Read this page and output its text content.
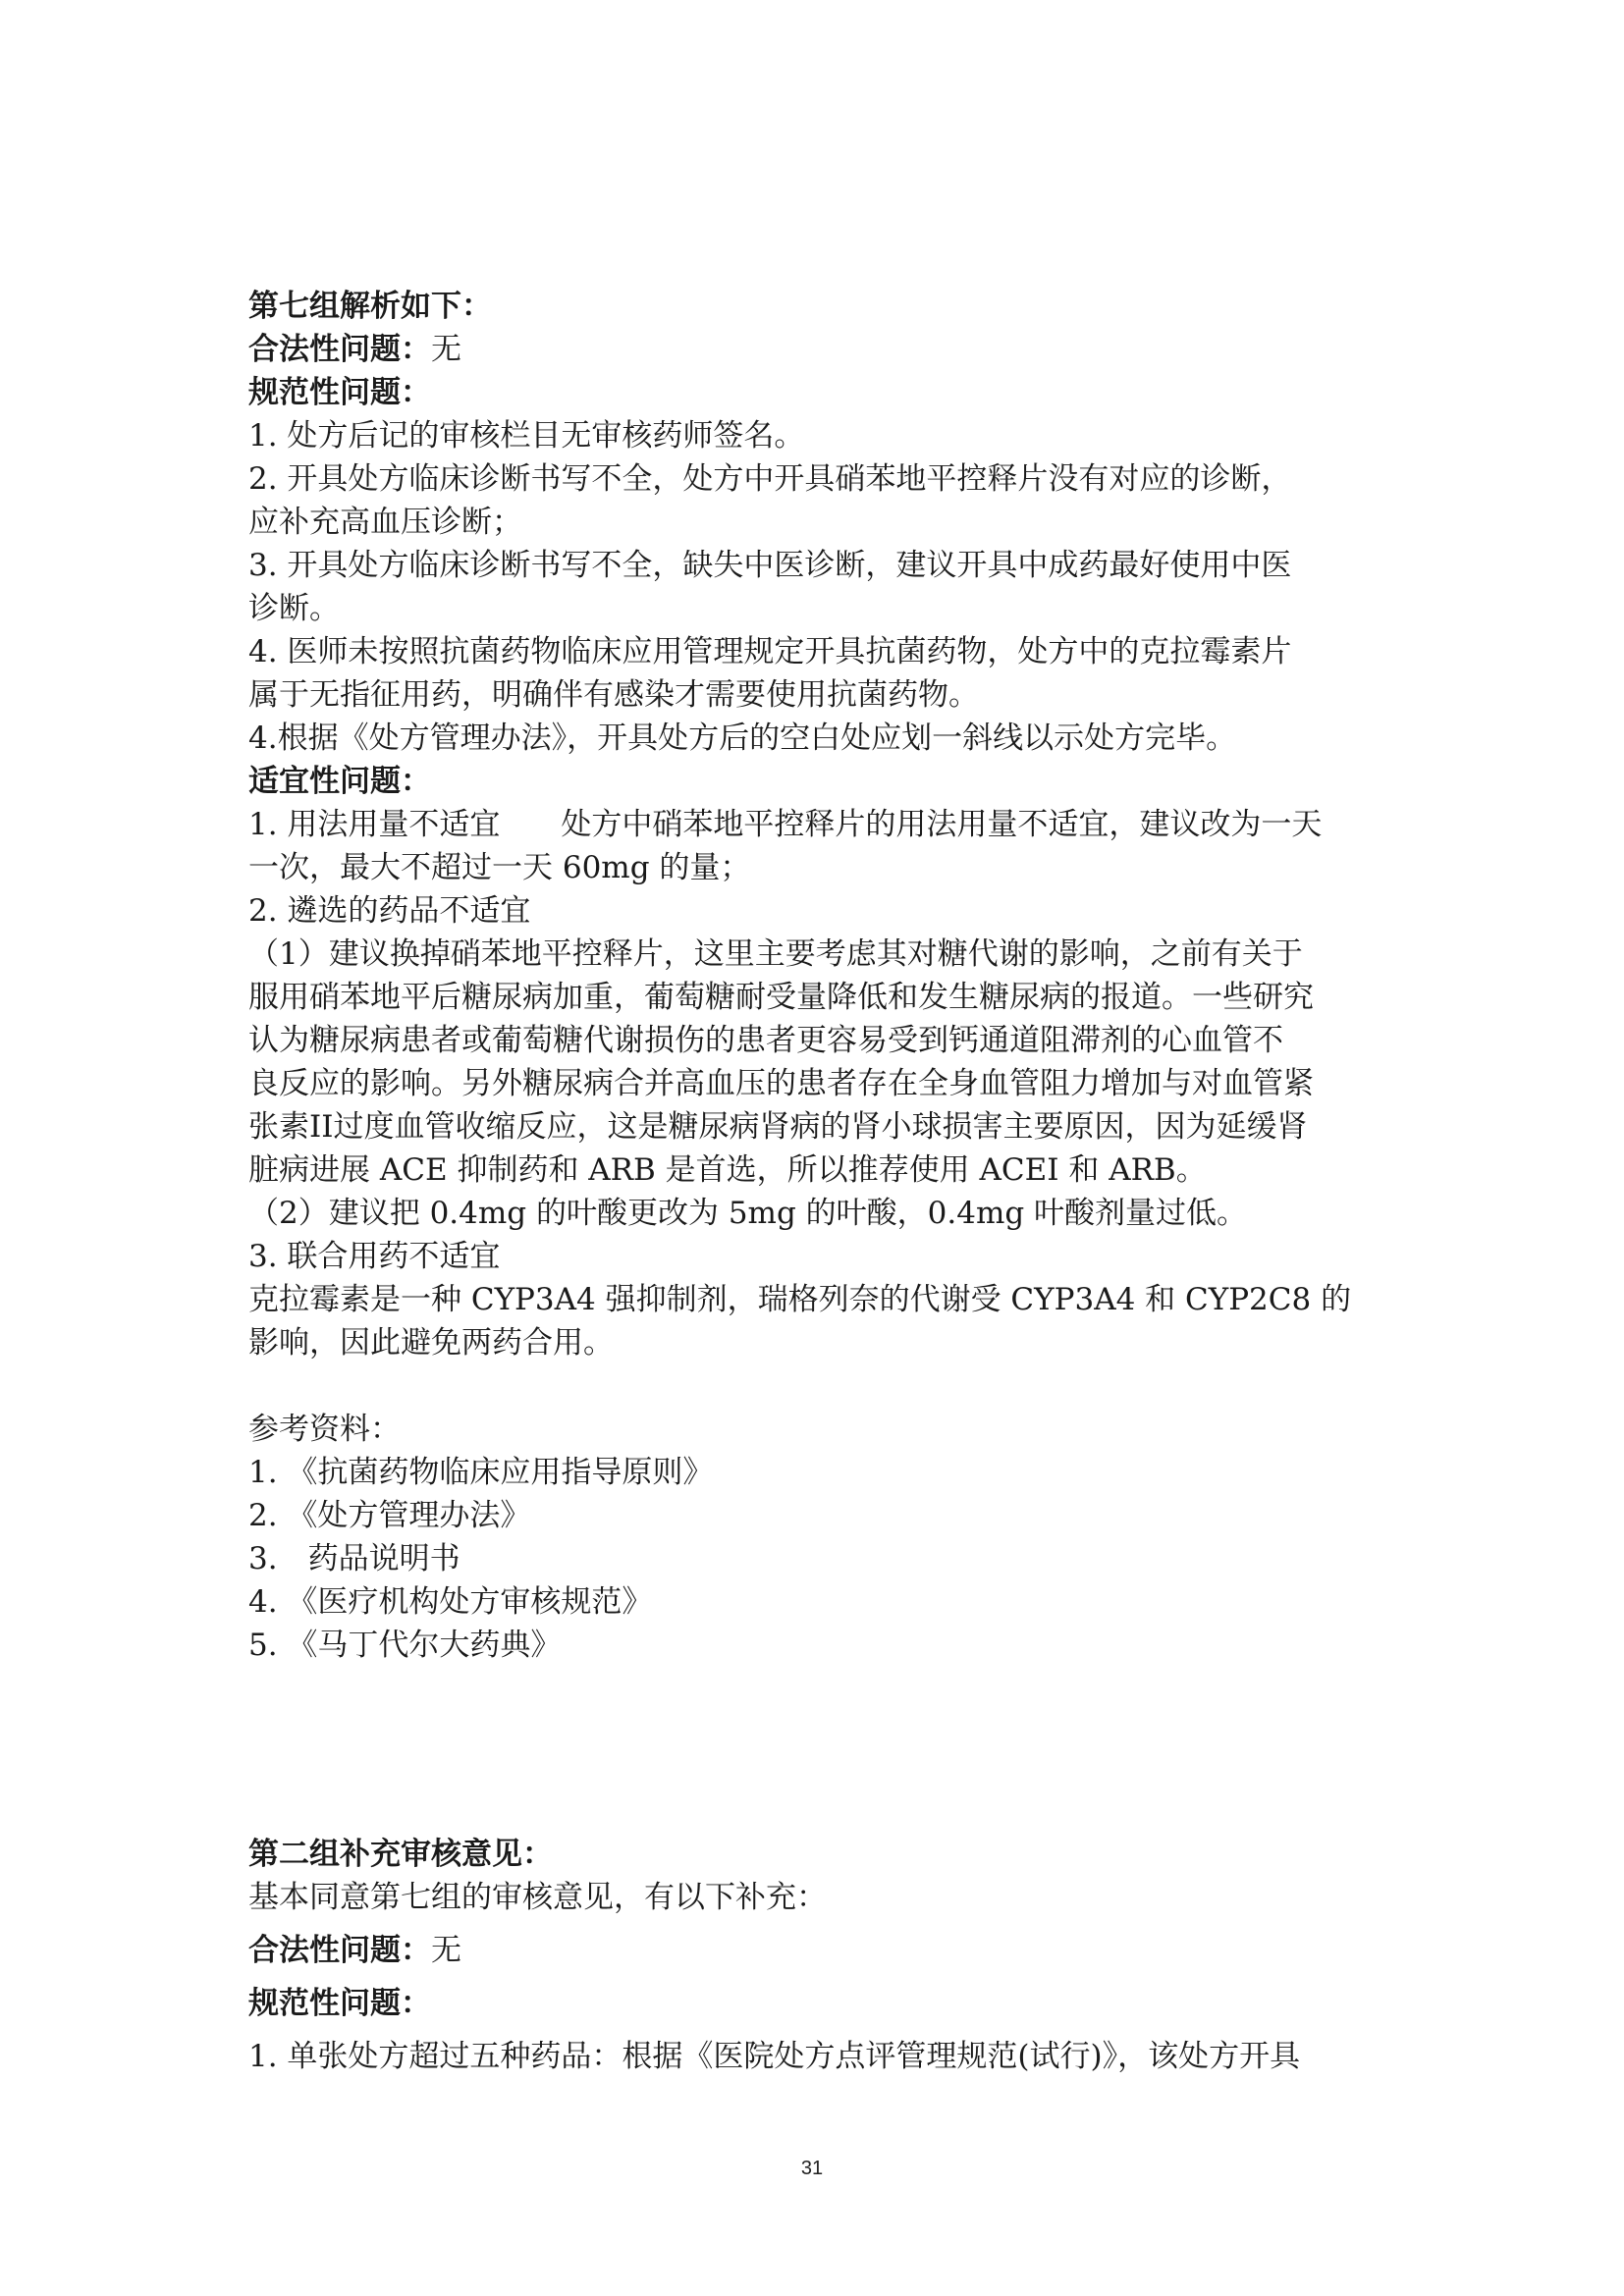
第七组解析如下：
合法性问题：无
规范性问题：
1. 处方后记的审核栏目无审核药师签名。
2. 开具处方临床诊断书写不全，处方中开具硝苯地平控释片没有对应的诊断，
应补充高血压诊断；
3. 开具处方临床诊断书写不全，缺失中医诊断，建议开具中成药最好使用中医
诊断。
4. 医师未按照抗菌药物临床应用管理规定开具抗菌药物，处方中的克拉霉素片
属于无指征用药，明确伴有感染才需要使用抗菌药物。
4.根据《处方管理办法》，开具处方后的空白处应划一斜线以示处方完毕。
适宜性问题：
1. 用法用量不适宜　　处方中硝苯地平控释片的用法用量不适宜，建议改为一天
一次，最大不超过一天 60mg 的量；
2. 遴选的药品不适宜
（1）建议换掉硝苯地平控释片，这里主要考虑其对糖代谢的影响，之前有关于
服用硝苯地平后糖尿病加重，葡萄糖耐受量降低和发生糖尿病的报道。一些研究
认为糖尿病患者或葡萄糖代谢损伤的患者更容易受到钙通道阻滞剂的心血管不
良反应的影响。另外糖尿病合并高血压的患者存在全身血管阻力增加与对血管紧
张素II过度血管收缩反应，这是糖尿病肾病的肾小球损害主要原因，因为延缓肾
脏病进展 ACE 抑制药和 ARB 是首选，所以推荐使用 ACEI 和 ARB。
（2）建议把 0.4mg 的叶酸更改为 5mg 的叶酸，0.4mg 叶酸剂量过低。
3. 联合用药不适宜
克拉霉素是一种 CYP3A4 强抑制剂，瑞格列奈的代谢受 CYP3A4 和 CYP2C8 的
影响，因此避免两药合用。
参考资料：
1. 《抗菌药物临床应用指导原则》
2. 《处方管理办法》
3.　药品说明书
4. 《医疗机构处方审核规范》
5. 《马丁代尔大药典》
第二组补充审核意见：
基本同意第七组的审核意见，有以下补充：
合法性问题：无
规范性问题：
1. 单张处方超过五种药品：根据《医院处方点评管理规范(试行)》，该处方开具
31
